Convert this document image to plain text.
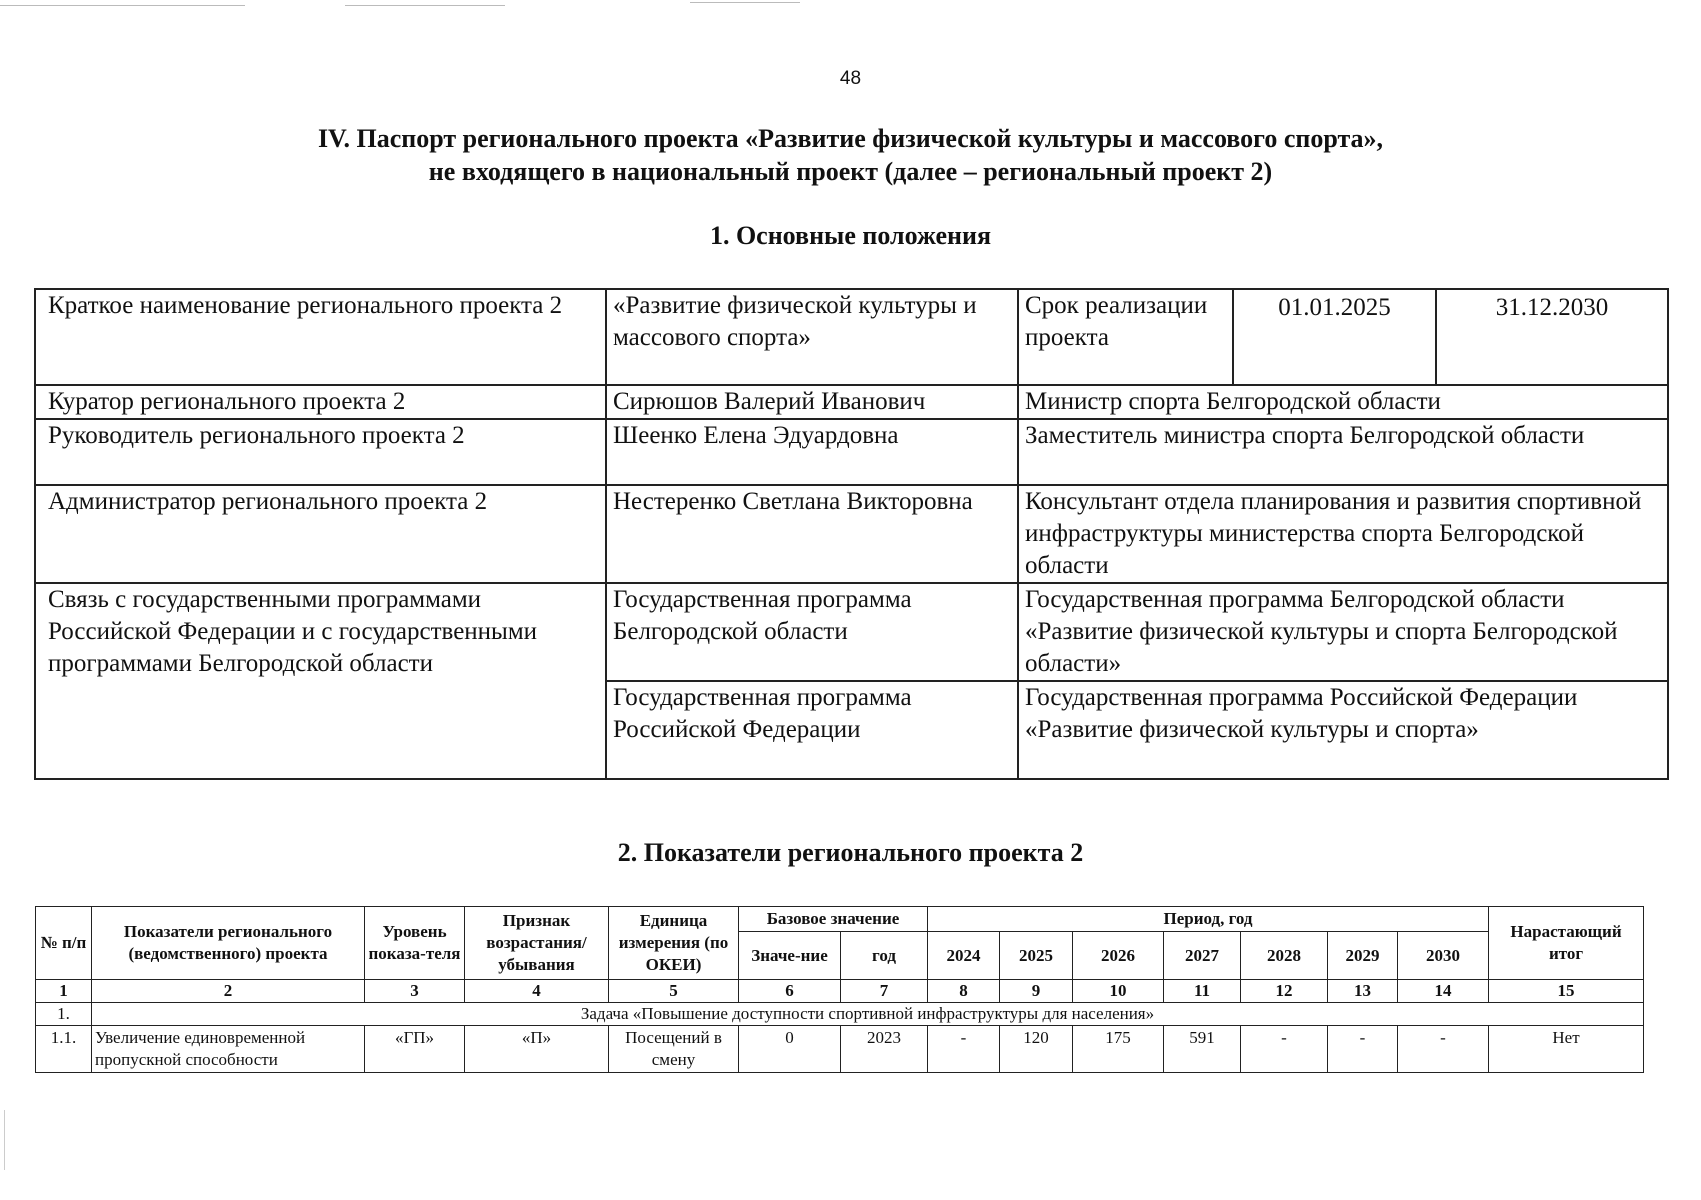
48
IV. Паспорт регионального проекта «Развитие физической культуры и массового спорта»,
не входящего в национальный проект (далее – региональный проект 2)
1. Основные положения
Краткое наименование регионального проекта 2	«Развитие физической культуры и массового спорта»	Срок реализации проекта	01.01.2025	31.12.2030
Куратор регионального проекта 2	Сирюшов Валерий Иванович	Министр спорта Белгородской области		
Руководитель регионального проекта 2	Шеенко Елена Эдуардовна	Заместитель министра спорта Белгородской области		
Администратор регионального проекта 2	Нестеренко Светлана Викторовна	Консультант отдела планирования и развития спортивной инфраструктуры министерства спорта Белгородской области		
Связь с государственными программами Российской Федерации и с государственными программами Белгородской области	Государственная программа Белгородской области	Государственная программа Белгородской области «Развитие физической культуры и спорта Белгородской области»		
	Государственная программа Российской Федерации	Государственная программа Российской Федерации «Развитие физической культуры и спорта»		
2. Показатели регионального проекта 2
№ п/п	Показатели регионального (ведомственного) проекта	Уровень показа-теля	Признак возрастания/ убывания	Единица измерения (по ОКЕИ)	Базовое значение		Период, год							Нарастающий итог
					Значе-ние	год	2024	2025	2026	2027	2028	2029	2030	
1	2	3	4	5	6	7	8	9	10	11	12	13	14	15
1.	Задача «Повышение доступности спортивной инфраструктуры для населения»													
1.1.	Увеличение единовременной пропускной способности	«ГП»	«П»	Посещений в смену	0	2023	-	120	175	591	-	-	-	Нет
